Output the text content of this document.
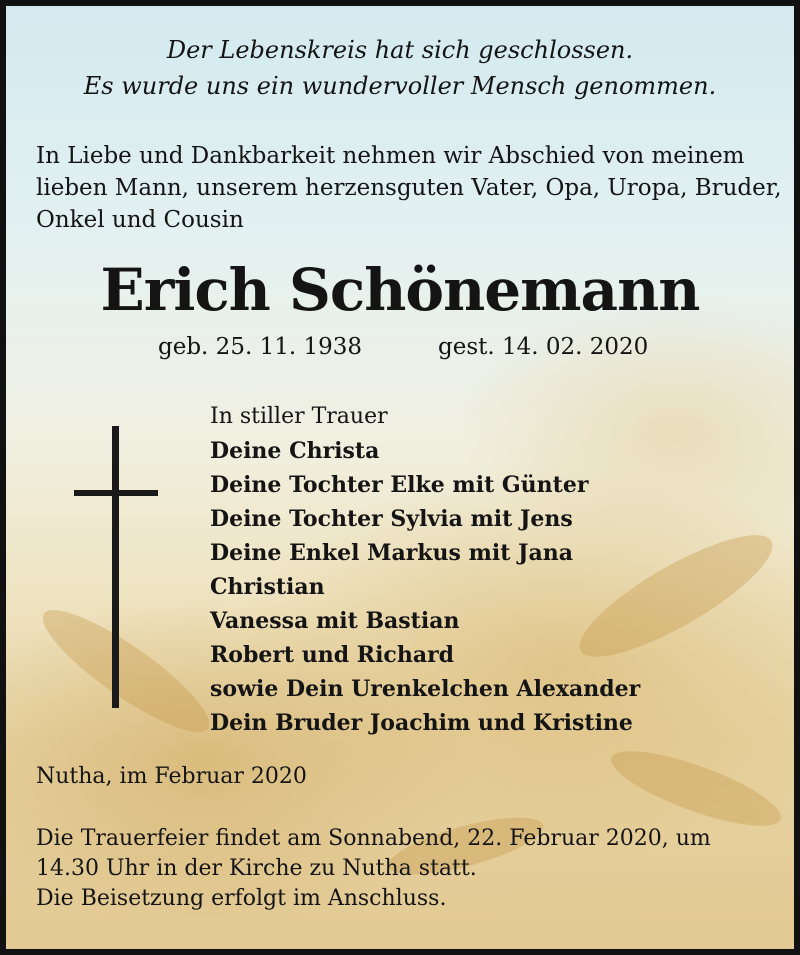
Der Lebenskreis hat sich geschlossen.
Es wurde uns ein wundervoller Mensch genommen.
In Liebe und Dankbarkeit nehmen wir Abschied von meinem
lieben Mann, unserem herzensguten Vater, Opa, Uropa, Bruder,
Onkel und Cousin
Erich Schönemann
geb. 25. 11. 1938	gest. 14. 02. 2020
In stiller Trauer
Deine Christa
Deine Tochter Elke mit Günter
Deine Tochter Sylvia mit Jens
Deine Enkel Markus mit Jana
Christian
Vanessa mit Bastian
Robert und Richard
sowie Dein Urenkelchen Alexander
Dein Bruder Joachim und Kristine
Nutha, im Februar 2020
Die Trauerfeier findet am Sonnabend, 22. Februar 2020, um
14.30 Uhr in der Kirche zu Nutha statt.
Die Beisetzung erfolgt im Anschluss.
